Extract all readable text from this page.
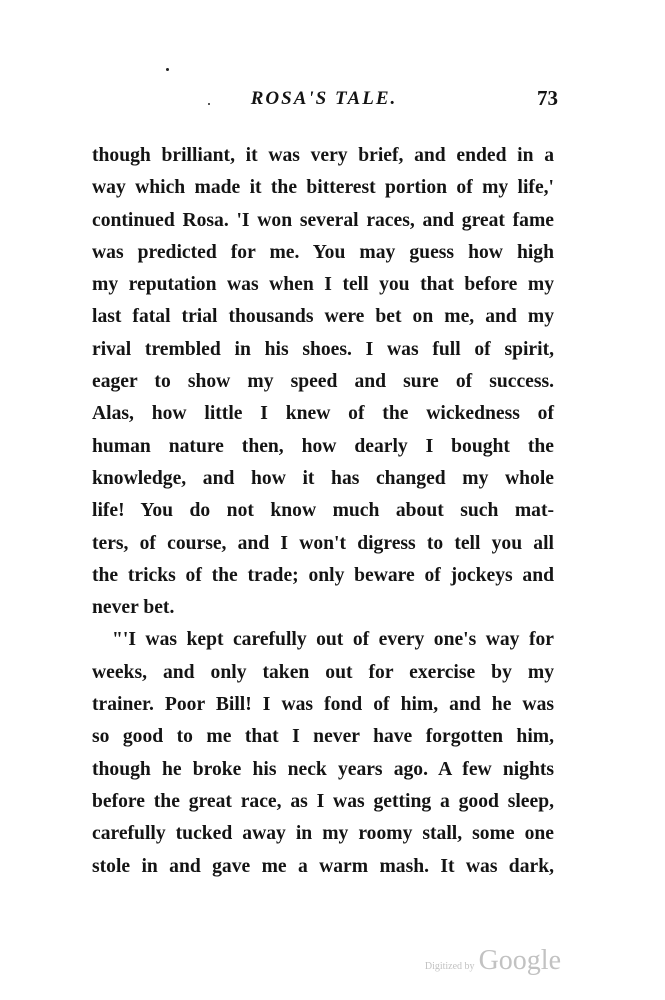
ROSA'S TALE.	73
though brilliant, it was very brief, and ended in a
way which made it the bitterest portion of my life,'
continued Rosa. 'I won several races, and great fame
was predicted for me. You may guess how high
my reputation was when I tell you that before my
last fatal trial thousands were bet on me, and my
rival trembled in his shoes. I was full of spirit,
eager to show my speed and sure of success.
Alas, how little I knew of the wickedness of
human nature then, how dearly I bought the
knowledge, and how it has changed my whole
life! You do not know much about such mat-
ters, of course, and I won't digress to tell you all
the tricks of the trade; only beware of jockeys and
never bet.
"'I was kept carefully out of every one's way for
weeks, and only taken out for exercise by my
trainer. Poor Bill! I was fond of him, and he was
so good to me that I never have forgotten him,
though he broke his neck years ago. A few nights
before the great race, as I was getting a good sleep,
carefully tucked away in my roomy stall, some one
stole in and gave me a warm mash. It was dark,
Digitized by Google
